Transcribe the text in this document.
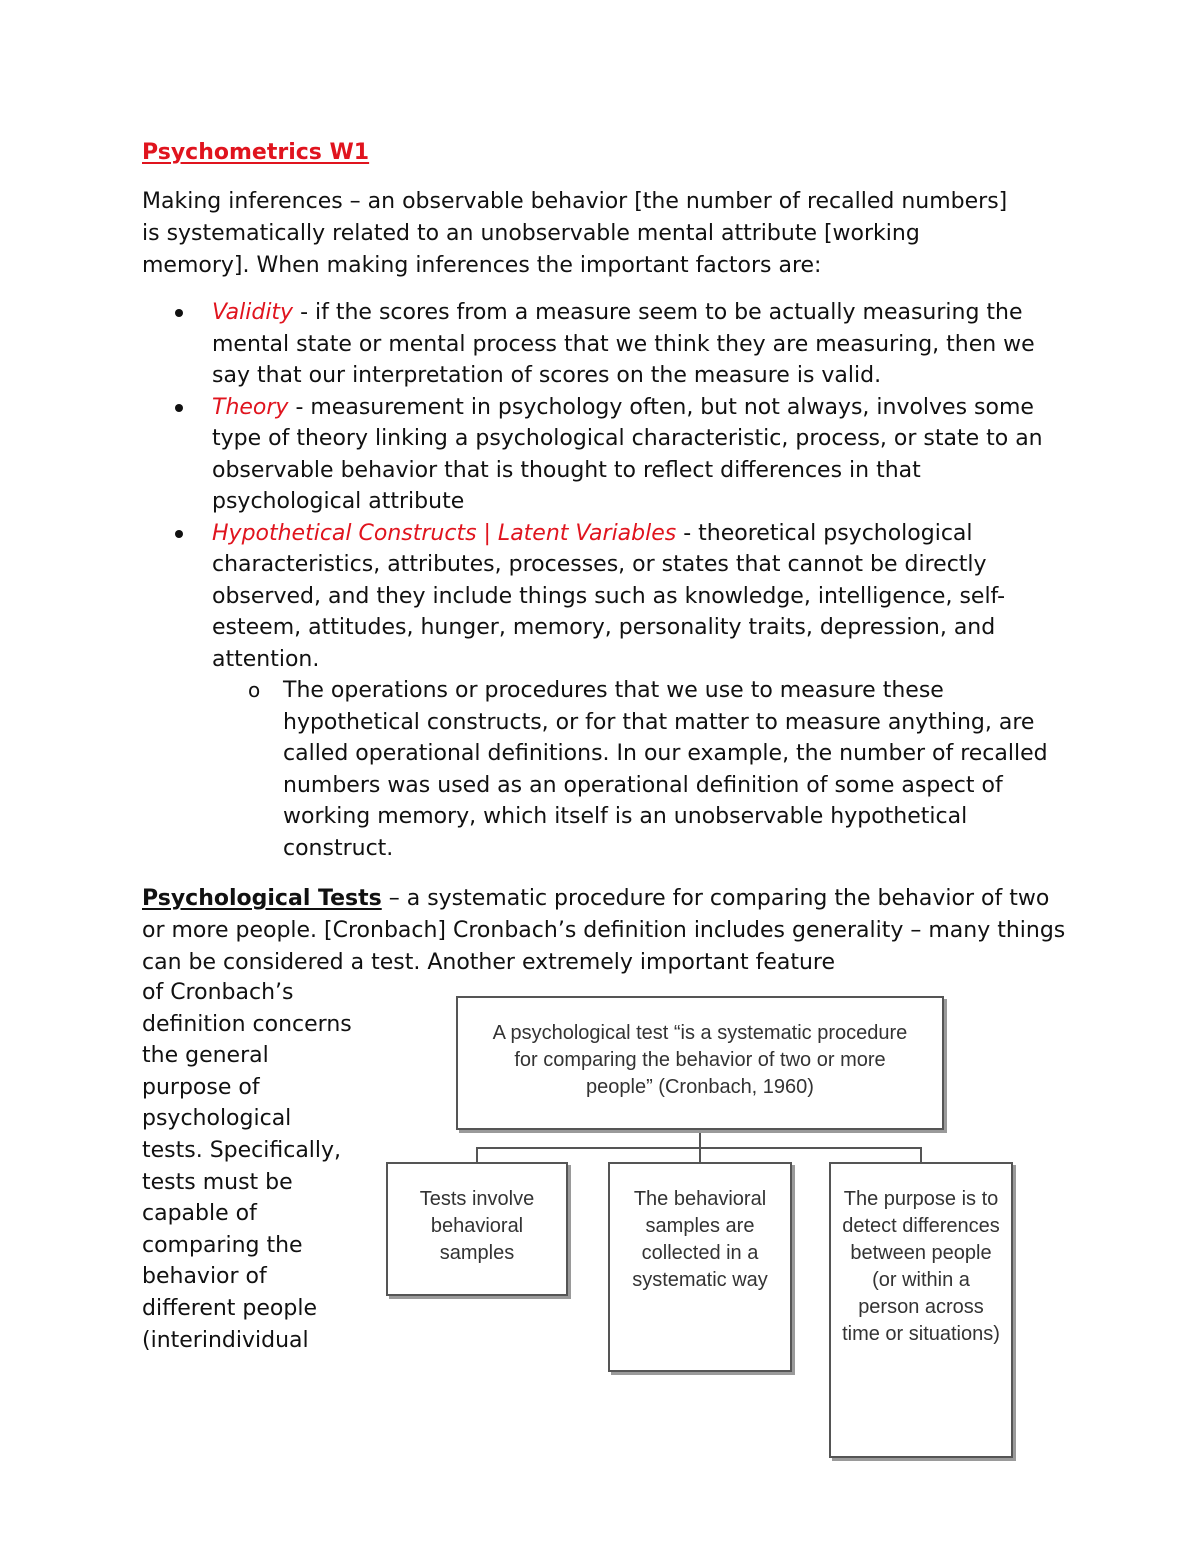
Psychometrics W1

Making inferences – an observable behavior [the number of recalled numbers] is systematically related to an unobservable mental attribute [working memory]. When making inferences the important factors are:

Validity - if the scores from a measure seem to be actually measuring the mental state or mental process that we think they are measuring, then we say that our interpretation of scores on the measure is valid.
Theory - measurement in psychology often, but not always, involves some type of theory linking a psychological characteristic, process, or state to an observable behavior that is thought to reflect differences in that psychological attribute
Hypothetical Constructs | Latent Variables - theoretical psychological characteristics, attributes, processes, or states that cannot be directly observed, and they include things such as knowledge, intelligence, self-esteem, attitudes, hunger, memory, personality traits, depression, and attention.
o The operations or procedures that we use to measure these hypothetical constructs, or for that matter to measure anything, are called operational definitions. In our example, the number of recalled numbers was used as an operational definition of some aspect of working memory, which itself is an unobservable hypothetical construct.

Psychological Tests – a systematic procedure for comparing the behavior of two or more people. [Cronbach] Cronbach’s definition includes generality – many things can be considered a test. Another extremely important feature

of Cronbach’s definition concerns the general purpose of psychological tests. Specifically, tests must be capable of comparing the behavior of different people (interindividual

A psychological test “is a systematic procedure for comparing the behavior of two or more people” (Cronbach, 1960)
Tests involve behavioral samples
The behavioral samples are collected in a systematic way
The purpose is to detect differences between people (or within a person across time or situations)
